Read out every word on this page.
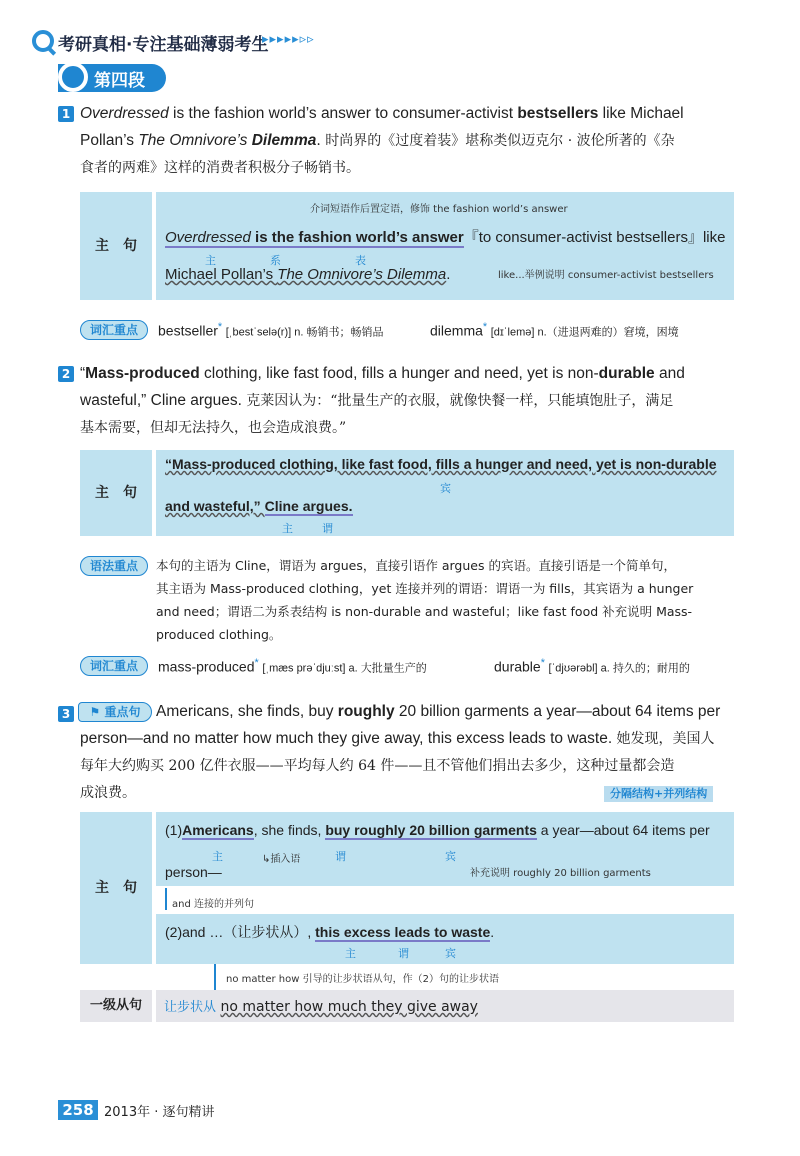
考研真相·专注基础薄弱考生
▸▸▸▸▸▹▹
第四段
1 Overdressed is the fashion world’s answer to consumer-activist bestsellers like Michael
Pollan’s The Omnivore’s Dilemma. 时尚界的《过度着装》堪称类似迈克尔 · 波伦所著的《杂
食者的两难》这样的消费者积极分子畅销书。
主　句
介词短语作后置定语，修饰 the fashion world’s answer
Overdressed is the fashion world’s answer『to consumer-activist bestsellers』like
主	系	表
Michael Pollan’s The Omnivore’s Dilemma.	like...举例说明 consumer-activist bestsellers
词汇重点	bestseller* [ˌbestˈselə(r)] n. 畅销书；畅销品	dilemma* [dɪˈlemə] n.（进退两难的）窘境，困境
2 “Mass-produced clothing, like fast food, fills a hunger and need, yet is non-durable and
wasteful,” Cline argues. 克莱因认为：“批量生产的衣服，就像快餐一样，只能填饱肚子，满足
基本需要，但却无法持久，也会造成浪费。”
主　句
“Mass-produced clothing, like fast food, fills a hunger and need, yet is non-durable
宾
and wasteful,” Cline argues.
主	谓
语法重点	本句的主语为 Cline，谓语为 argues，直接引语作 argues 的宾语。直接引语是一个简单句，
其主语为 Mass-produced clothing，yet 连接并列的谓语：谓语一为 fills，其宾语为 a hunger
and need；谓语二为系表结构 is non-durable and wasteful；like fast food 补充说明 Mass-
produced clothing。
词汇重点	mass-produced* [ˌmæs prəˈdjuːst] a. 大批量生产的	durable* [ˈdjʊərəbl] a. 持久的；耐用的
3	⚑ 重点句	Americans, she finds, buy roughly 20 billion garments a year—about 64 items per
person—and no matter how much they give away, this excess leads to waste. 她发现，美国人
每年大约购买 200 亿件衣服——平均每人约 64 件——且不管他们捐出去多少，这种过量都会造
成浪费。	分隔结构+并列结构
主　句
(1)Americans, she finds, buy roughly 20 billion garments a year—about 64 items per
主	↳插入语	谓	宾
补充说明 roughly 20 billion garments
person—
and 连接的并列句
(2)and …（让步状从）, this excess leads to waste.
主	谓	宾
no matter how 引导的让步状语从句，作（2）句的让步状语
一级从句	让步状从 no matter how much they give away
258 2013年 · 逐句精讲
